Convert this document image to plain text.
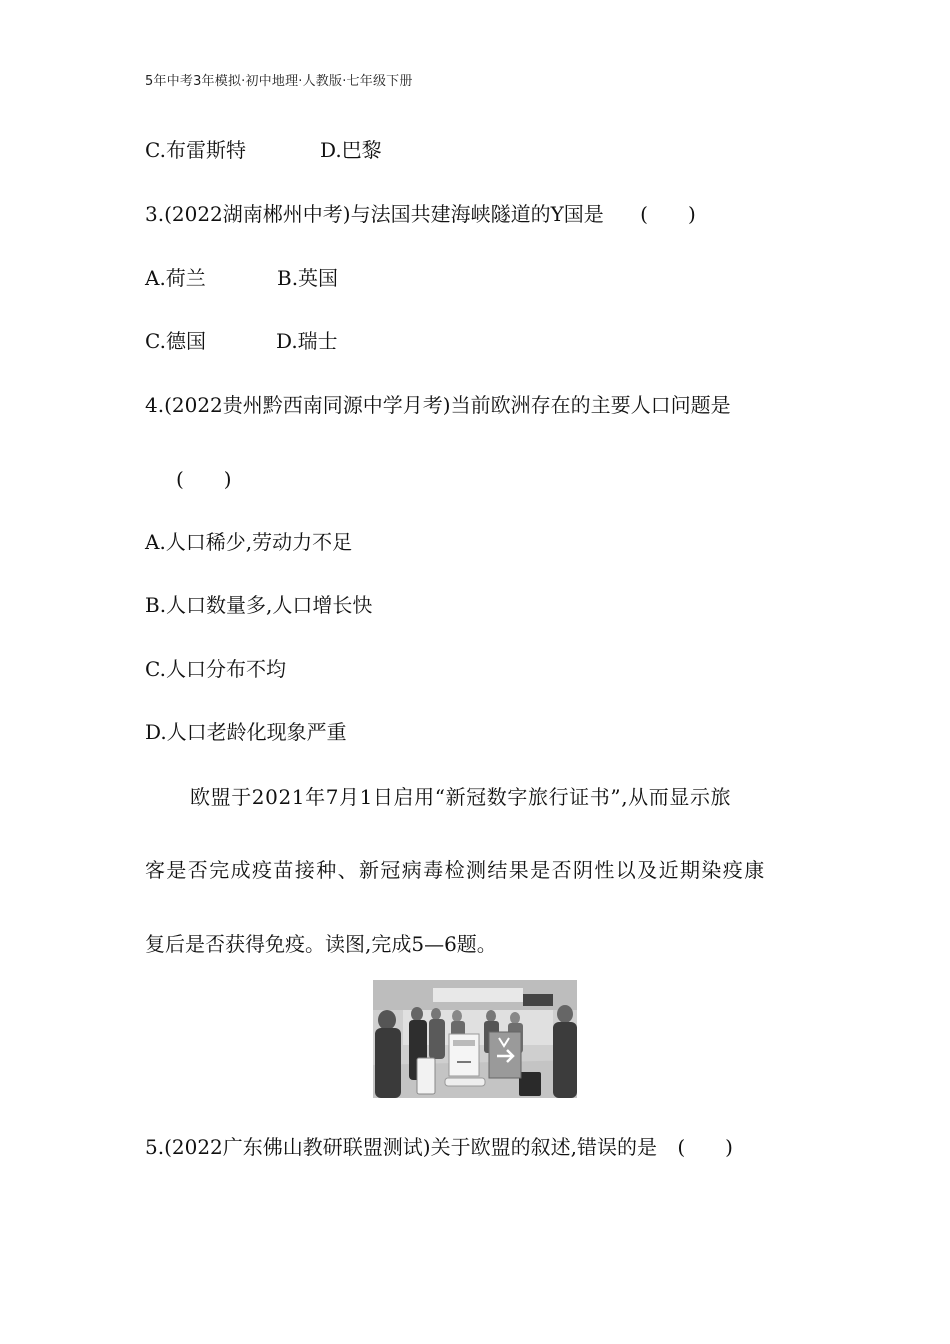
5年中考3年模拟·初中地理·人教版·七年级下册
C.布雷斯特	D.巴黎
3.(2022湖南郴州中考)与法国共建海峡隧道的Y国是 (　　)
A.荷兰	B.英国
C.德国	D.瑞士
4.(2022贵州黔西南同源中学月考)当前欧洲存在的主要人口问题是
(　　)
A.人口稀少,劳动力不足
B.人口数量多,人口增长快
C.人口分布不均
D.人口老龄化现象严重
欧盟于2021年7月1日启用“新冠数字旅行证书”,从而显示旅
客是否完成疫苗接种、新冠病毒检测结果是否阴性以及近期染疫康
复后是否获得免疫。读图,完成5—6题。
5.(2022广东佛山教研联盟测试)关于欧盟的叙述,错误的是 (　　)
